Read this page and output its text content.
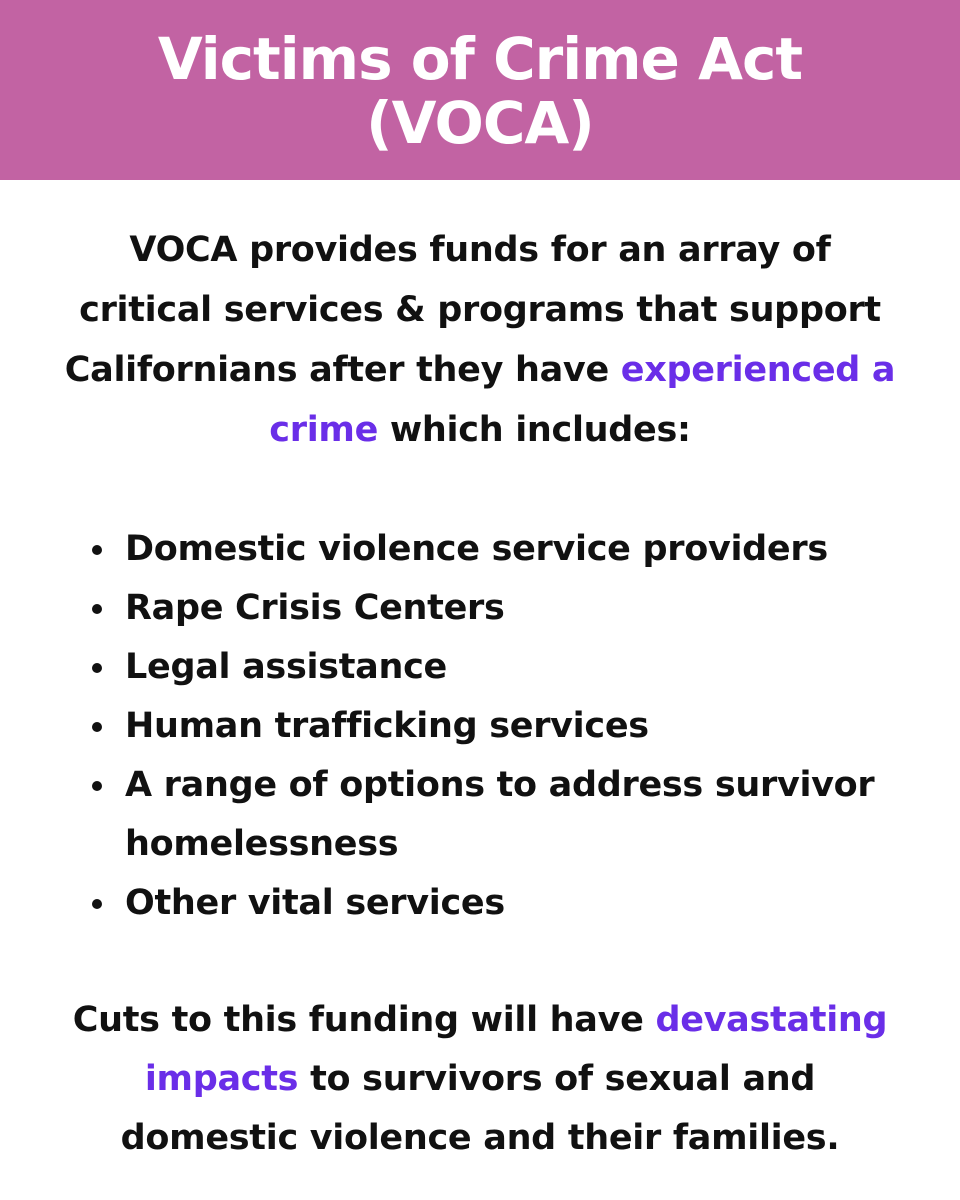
Victims of Crime Act
(VOCA)

VOCA provides funds for an array of
critical services & programs that support
Californians after they have experienced a
crime which includes:

Domestic violence service providers
Rape Crisis Centers
Legal assistance
Human trafficking services
A range of options to address survivor homelessness
Other vital services

Cuts to this funding will have devastating
impacts to survivors of sexual and
domestic violence and their families.
